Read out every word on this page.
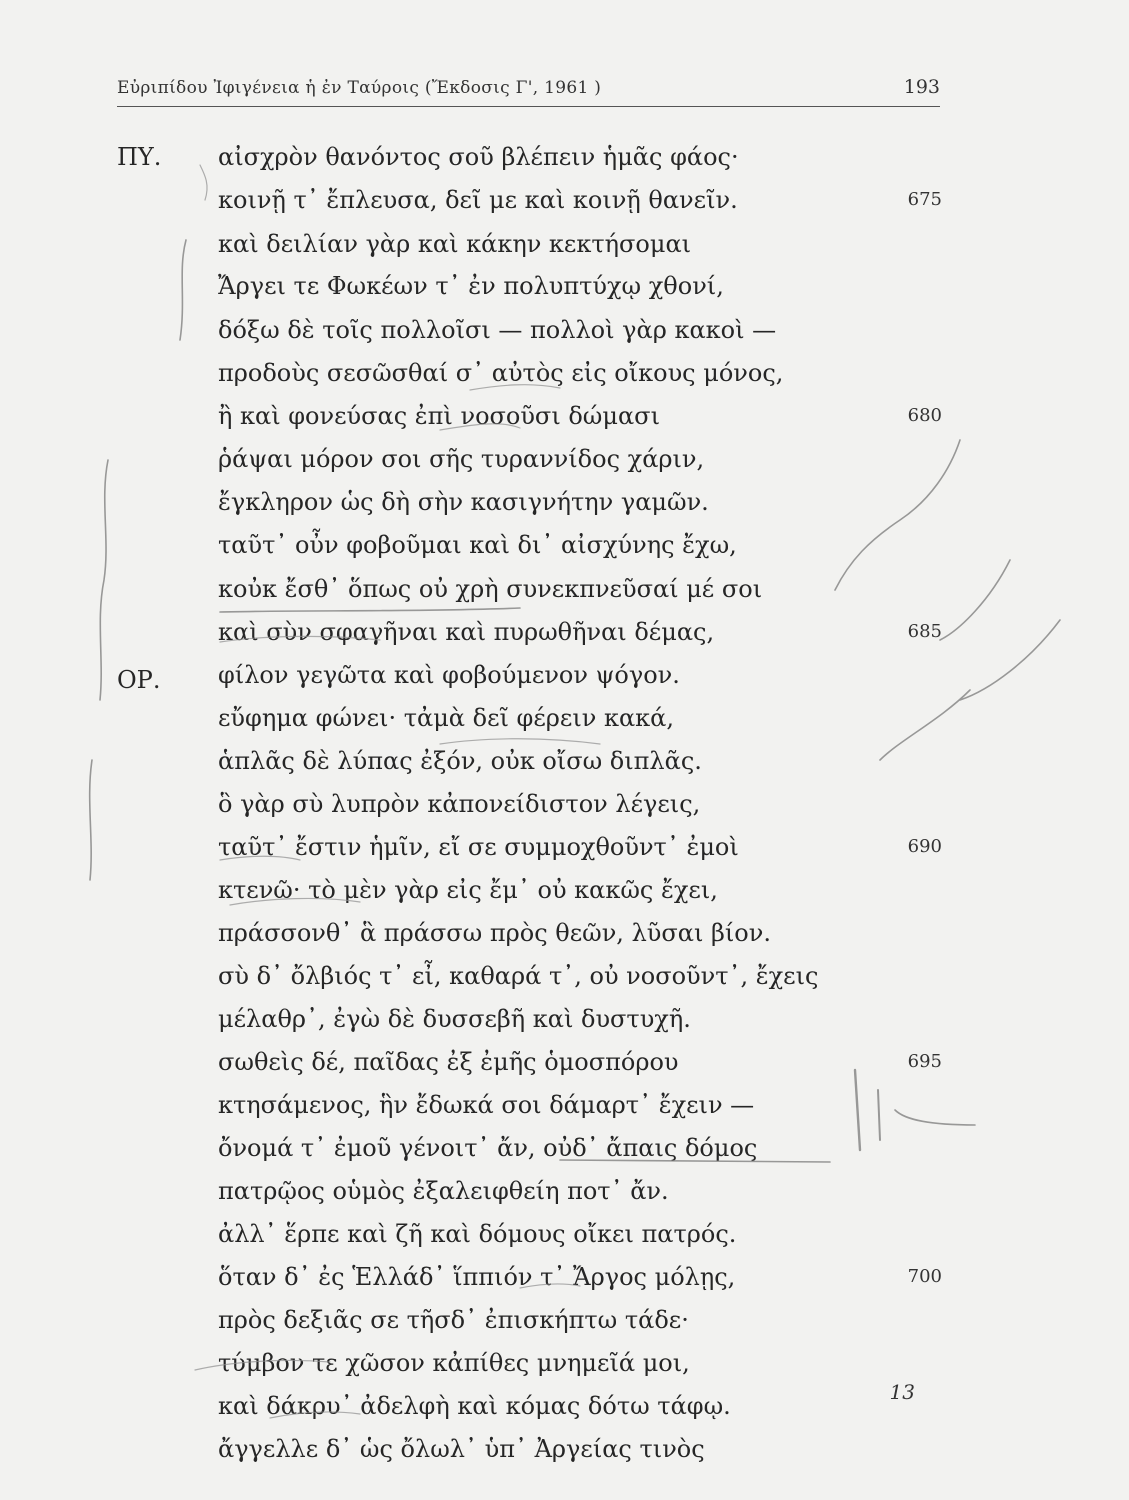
Εὐριπίδου Ἰφιγένεια ἡ ἐν Ταύροις (Ἔκδοσις Γ', 1961 )	193
ΠΥ.
ΟΡ.
αἰσχρὸν θανόντος σοῦ βλέπειν ἡμᾶς φάος·
κοινῇ τ᾽ ἔπλευσα, δεῖ με καὶ κοινῇ θανεῖν.
καὶ δειλίαν γὰρ καὶ κάκην κεκτήσομαι
Ἄργει τε Φωκέων τ᾽ ἐν πολυπτύχῳ χθονί,
δόξω δὲ τοῖς πολλοῖσι — πολλοὶ γὰρ κακοὶ —
προδοὺς σεσῶσθαί σ᾽ αὐτὸς εἰς οἴκους μόνος,
ἢ καὶ φονεύσας ἐπὶ νοσοῦσι δώμασι
ῥάψαι μόρον σοι σῆς τυραννίδος χάριν,
ἔγκληρον ὡς δὴ σὴν κασιγνήτην γαμῶν.
ταῦτ᾽ οὖν φοβοῦμαι καὶ δι᾽ αἰσχύνης ἔχω,
κοὐκ ἔσθ᾽ ὅπως οὐ χρὴ συνεκπνεῦσαί μέ σοι
καὶ σὺν σφαγῆναι καὶ πυρωθῆναι δέμας,
φίλον γεγῶτα καὶ φοβούμενον ψόγον.
εὔφημα φώνει· τἀμὰ δεῖ φέρειν κακά,
ἁπλᾶς δὲ λύπας ἐξόν, οὐκ οἴσω διπλᾶς.
ὃ γὰρ σὺ λυπρὸν κἀπονείδιστον λέγεις,
ταῦτ᾽ ἔστιν ἡμῖν, εἴ σε συμμοχθοῦντ᾽ ἐμοὶ
κτενῶ· τὸ μὲν γὰρ εἰς ἔμ᾽ οὐ κακῶς ἔχει,
πράσσονθ᾽ ἃ πράσσω πρὸς θεῶν, λῦσαι βίον.
σὺ δ᾽ ὄλβιός τ᾽ εἶ, καθαρά τ᾽, οὐ νοσοῦντ᾽, ἔχεις
μέλαθρ᾽, ἐγὼ δὲ δυσσεβῆ καὶ δυστυχῆ.
σωθεὶς δέ, παῖδας ἐξ ἐμῆς ὁμοσπόρου
κτησάμενος, ἣν ἔδωκά σοι δάμαρτ᾽ ἔχειν —
ὄνομά τ᾽ ἐμοῦ γένοιτ᾽ ἄν, οὐδ᾽ ἄπαις δόμος
πατρῷος οὑμὸς ἐξαλειφθείη ποτ᾽ ἄν.
ἀλλ᾽ ἕρπε καὶ ζῆ καὶ δόμους οἴκει πατρός.
ὅταν δ᾽ ἐς Ἑλλάδ᾽ ἵππιόν τ᾽ Ἄργος μόλῃς,
πρὸς δεξιᾶς σε τῆσδ᾽ ἐπισκήπτω τάδε·
τύμβον τε χῶσον κἀπίθες μνημεῖά μοι,
καὶ δάκρυ᾽ ἀδελφὴ καὶ κόμας δότω τάφῳ.
ἄγγελλε δ᾽ ὡς ὄλωλ᾽ ὑπ᾽ Ἀργείας τινὸς
675
680
685
690
695
700
13
